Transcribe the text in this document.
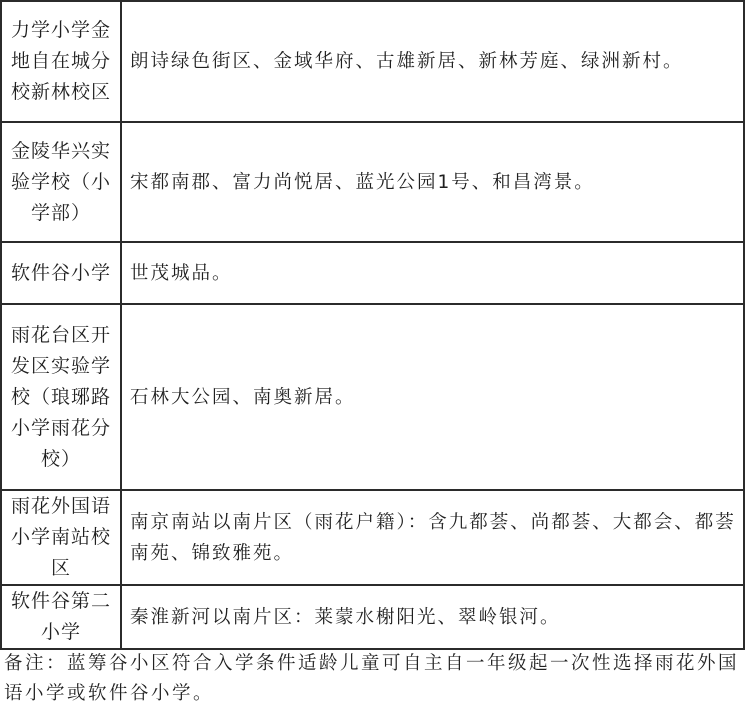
力学小学金地自在城分校新林校区	朗诗绿色街区、金域华府、古雄新居、新林芳庭、绿洲新村。

金陵华兴实验学校（小学部）	宋都南郡、富力尚悦居、蓝光公园1号、和昌湾景。

软件谷小学	世茂城品。

雨花台区开发区实验学校（琅琊路小学雨花分校）	石林大公园、南奥新居。

雨花外国语小学南站校区	南京南站以南片区（雨花户籍）：含九都荟、尚都荟、大都会、都荟南苑、锦致雅苑。

软件谷第二小学	秦淮新河以南片区：莱蒙水榭阳光、翠岭银河。
备注：蓝筹谷小区符合入学条件适龄儿童可自主自一年级起一次性选择雨花外国语小学或软件谷小学。
